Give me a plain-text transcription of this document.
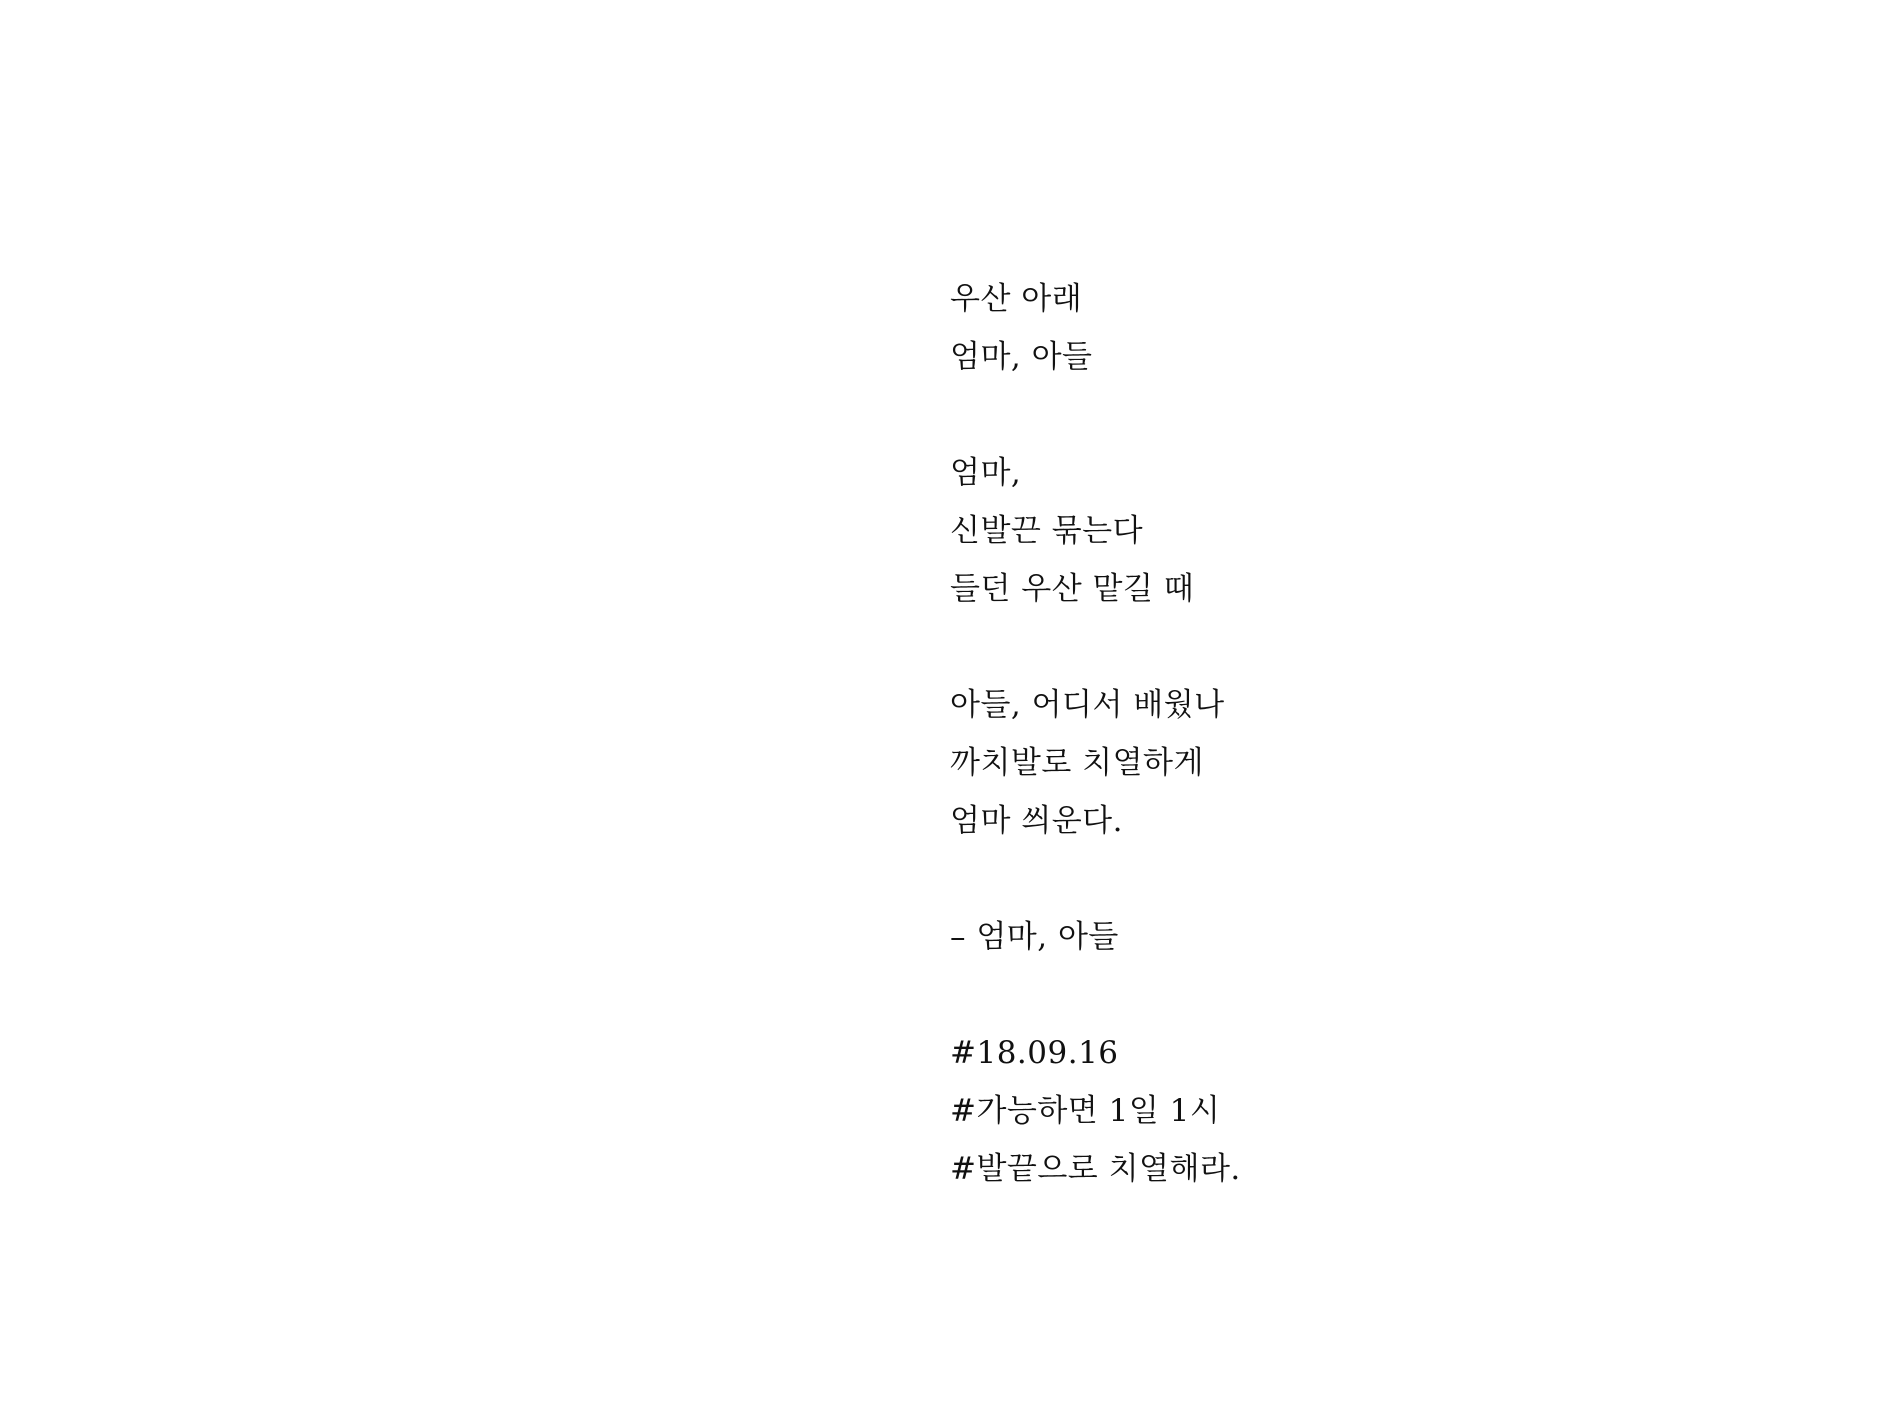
우산 아래
엄마, 아들
엄마,
신발끈 묶는다
들던 우산 맡길 때
아들, 어디서 배웠나
까치발로 치열하게
엄마 씌운다.
– 엄마, 아들
#18.09.16
#가능하면 1일 1시
#발끝으로 치열해라.
